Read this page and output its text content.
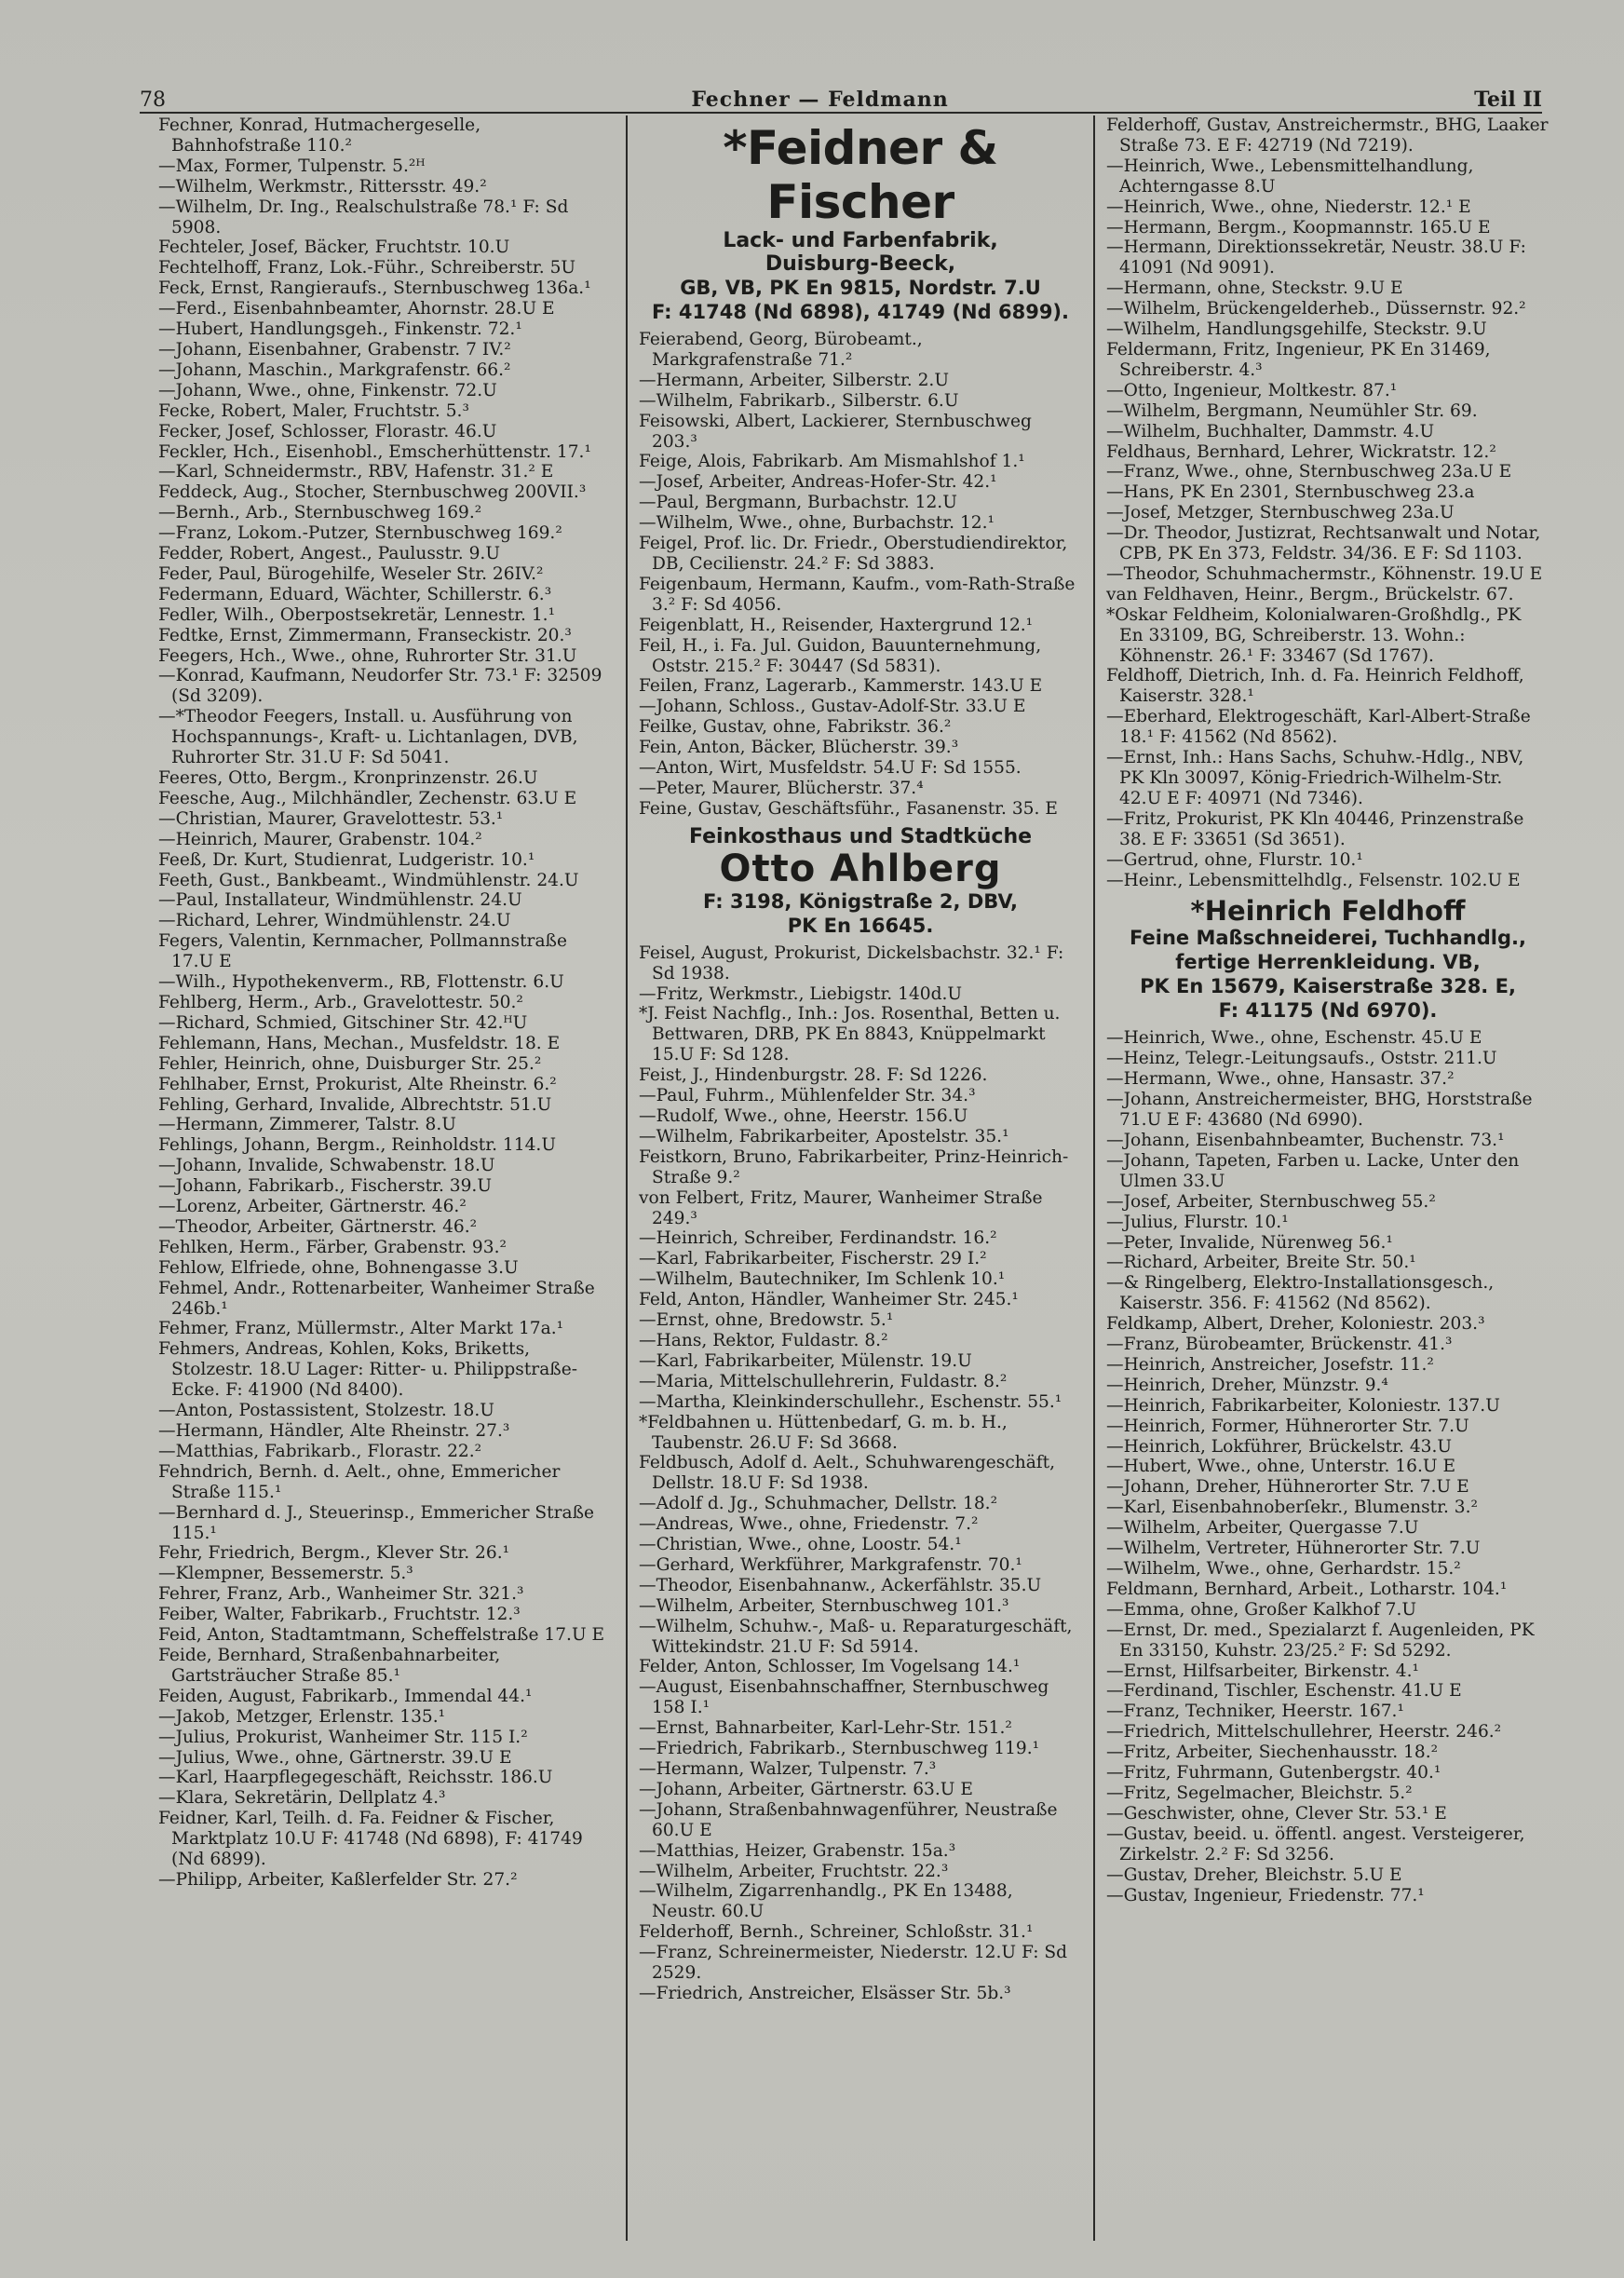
78	Fechner — Feldmann	Teil II

Fechner, Konrad, Hutmachergeselle, Bahnhofstraße 110.²

—Max, Former, Tulpenstr. 5.²ᴴ

—Wilhelm, Werkmstr., Rittersstr. 49.²

—Wilhelm, Dr. Ing., Realschulstraße 78.¹ F: Sd 5908.

Fechteler, Josef, Bäcker, Fruchtstr. 10.U

Fechtelhoff, Franz, Lok.-Führ., Schreiberstr. 5U

Feck, Ernst, Rangieraufs., Sternbuschweg 136a.¹

—Ferd., Eisenbahnbeamter, Ahornstr. 28.U E

—Hubert, Handlungsgeh., Finkenstr. 72.¹

—Johann, Eisenbahner, Grabenstr. 7 IV.²

—Johann, Maschin., Markgrafenstr. 66.²

—Johann, Wwe., ohne, Finkenstr. 72.U

Fecke, Robert, Maler, Fruchtstr. 5.³

Fecker, Josef, Schlosser, Florastr. 46.U

Feckler, Hch., Eisenhobl., Emscherhüttenstr. 17.¹

—Karl, Schneidermstr., RBV, Hafenstr. 31.² E

Feddeck, Aug., Stocher, Sternbuschweg 200VII.³

—Bernh., Arb., Sternbuschweg 169.²

—Franz, Lokom.-Putzer, Sternbuschweg 169.²

Fedder, Robert, Angest., Paulusstr. 9.U

Feder, Paul, Bürogehilfe, Weseler Str. 26IV.²

Federmann, Eduard, Wächter, Schillerstr. 6.³

Fedler, Wilh., Oberpostsekretär, Lennestr. 1.¹

Fedtke, Ernst, Zimmermann, Franseckistr. 20.³

Feegers, Hch., Wwe., ohne, Ruhrorter Str. 31.U

—Konrad, Kaufmann, Neudorfer Str. 73.¹ F: 32509 (Sd 3209).

—*Theodor Feegers, Install. u. Ausführung von Hochspannungs-, Kraft- u. Lichtanlagen, DVB, Ruhrorter Str. 31.U F: Sd 5041.

Feeres, Otto, Bergm., Kronprinzenstr. 26.U

Feesche, Aug., Milchhändler, Zechenstr. 63.U E

—Christian, Maurer, Gravelottestr. 53.¹

—Heinrich, Maurer, Grabenstr. 104.²

Feeß, Dr. Kurt, Studienrat, Ludgeristr. 10.¹

Feeth, Gust., Bankbeamt., Windmühlenstr. 24.U

—Paul, Installateur, Windmühlenstr. 24.U

—Richard, Lehrer, Windmühlenstr. 24.U

Fegers, Valentin, Kernmacher, Pollmannstraße 17.U E

—Wilh., Hypothekenverm., RB, Flottenstr. 6.U

Fehlberg, Herm., Arb., Gravelottestr. 50.²

—Richard, Schmied, Gitschiner Str. 42.ᴴU

Fehlemann, Hans, Mechan., Musfeldstr. 18. E

Fehler, Heinrich, ohne, Duisburger Str. 25.²

Fehlhaber, Ernst, Prokurist, Alte Rheinstr. 6.²

Fehling, Gerhard, Invalide, Albrechtstr. 51.U

—Hermann, Zimmerer, Talstr. 8.U

Fehlings, Johann, Bergm., Reinholdstr. 114.U

—Johann, Invalide, Schwabenstr. 18.U

—Johann, Fabrikarb., Fischerstr. 39.U

—Lorenz, Arbeiter, Gärtnerstr. 46.²

—Theodor, Arbeiter, Gärtnerstr. 46.²

Fehlken, Herm., Färber, Grabenstr. 93.²

Fehlow, Elfriede, ohne, Bohnengasse 3.U

Fehmel, Andr., Rottenarbeiter, Wanheimer Straße 246b.¹

Fehmer, Franz, Müllermstr., Alter Markt 17a.¹

Fehmers, Andreas, Kohlen, Koks, Briketts, Stolzestr. 18.U Lager: Ritter- u. Philippstraße-Ecke. F: 41900 (Nd 8400).

—Anton, Postassistent, Stolzestr. 18.U

—Hermann, Händler, Alte Rheinstr. 27.³

—Matthias, Fabrikarb., Florastr. 22.²

Fehndrich, Bernh. d. Aelt., ohne, Emmericher Straße 115.¹

—Bernhard d. J., Steuerinsp., Emmericher Straße 115.¹

Fehr, Friedrich, Bergm., Klever Str. 26.¹

—Klempner, Bessemerstr. 5.³

Fehrer, Franz, Arb., Wanheimer Str. 321.³

Feiber, Walter, Fabrikarb., Fruchtstr. 12.³

Feid, Anton, Stadtamtmann, Scheffelstraße 17.U E

Feide, Bernhard, Straßenbahnarbeiter, Gartsträucher Straße 85.¹

Feiden, August, Fabrikarb., Immendal 44.¹

—Jakob, Metzger, Erlenstr. 135.¹

—Julius, Prokurist, Wanheimer Str. 115 I.²

—Julius, Wwe., ohne, Gärtnerstr. 39.U E

—Karl, Haarpflegegeschäft, Reichsstr. 186.U

—Klara, Sekretärin, Dellplatz 4.³

Feidner, Karl, Teilh. d. Fa. Feidner & Fischer, Marktplatz 10.U F: 41748 (Nd 6898), F: 41749 (Nd 6899).

—Philipp, Arbeiter, Kaßlerfelder Str. 27.²

*Feidner & Fischer
Lack- und Farbenfabrik,
Duisburg-Beeck,
GB, VB, PK En 9815, Nordstr. 7.U
F: 41748 (Nd 6898), 41749 (Nd 6899).

Feierabend, Georg, Bürobeamt., Markgrafenstraße 71.²

—Hermann, Arbeiter, Silberstr. 2.U

—Wilhelm, Fabrikarb., Silberstr. 6.U

Feisowski, Albert, Lackierer, Sternbuschweg 203.³

Feige, Alois, Fabrikarb. Am Mismahlshof 1.¹

—Josef, Arbeiter, Andreas-Hofer-Str. 42.¹

—Paul, Bergmann, Burbachstr. 12.U

—Wilhelm, Wwe., ohne, Burbachstr. 12.¹

Feigel, Prof. lic. Dr. Friedr., Oberstudiendirektor, DB, Cecilienstr. 24.² F: Sd 3883.

Feigenbaum, Hermann, Kaufm., vom-Rath-Straße 3.² F: Sd 4056.

Feigenblatt, H., Reisender, Haxtergrund 12.¹

Feil, H., i. Fa. Jul. Guidon, Bauunternehmung, Oststr. 215.² F: 30447 (Sd 5831).

Feilen, Franz, Lagerarb., Kammerstr. 143.U E

—Johann, Schloss., Gustav-Adolf-Str. 33.U E

Feilke, Gustav, ohne, Fabrikstr. 36.²

Fein, Anton, Bäcker, Blücherstr. 39.³

—Anton, Wirt, Musfeldstr. 54.U F: Sd 1555.

—Peter, Maurer, Blücherstr. 37.⁴

Feine, Gustav, Geschäftsführ., Fasanenstr. 35. E

Feinkosthaus und Stadtküche
Otto Ahlberg
F: 3198, Königstraße 2, DBV,
PK En 16645.

Feisel, August, Prokurist, Dickelsbachstr. 32.¹ F: Sd 1938.

—Fritz, Werkmstr., Liebigstr. 140d.U

*J. Feist Nachflg., Inh.: Jos. Rosenthal, Betten u. Bettwaren, DRB, PK En 8843, Knüppelmarkt 15.U F: Sd 128.

Feist, J., Hindenburgstr. 28. F: Sd 1226.

—Paul, Fuhrm., Mühlenfelder Str. 34.³

—Rudolf, Wwe., ohne, Heerstr. 156.U

—Wilhelm, Fabrikarbeiter, Apostelstr. 35.¹

Feistkorn, Bruno, Fabrikarbeiter, Prinz-Heinrich-Straße 9.²

von Felbert, Fritz, Maurer, Wanheimer Straße 249.³

—Heinrich, Schreiber, Ferdinandstr. 16.²

—Karl, Fabrikarbeiter, Fischerstr. 29 I.²

—Wilhelm, Bautechniker, Im Schlenk 10.¹

Feld, Anton, Händler, Wanheimer Str. 245.¹

—Ernst, ohne, Bredowstr. 5.¹

—Hans, Rektor, Fuldastr. 8.²

—Karl, Fabrikarbeiter, Mülenstr. 19.U

—Maria, Mittelschullehrerin, Fuldastr. 8.²

—Martha, Kleinkinderschullehr., Eschenstr. 55.¹

*Feldbahnen u. Hüttenbedarf, G. m. b. H., Taubenstr. 26.U F: Sd 3668.

Feldbusch, Adolf d. Aelt., Schuhwarengeschäft, Dellstr. 18.U F: Sd 1938.

—Adolf d. Jg., Schuhmacher, Dellstr. 18.²

—Andreas, Wwe., ohne, Friedenstr. 7.²

—Christian, Wwe., ohne, Loostr. 54.¹

—Gerhard, Werkführer, Markgrafenstr. 70.¹

—Theodor, Eisenbahnanw., Ackerfählstr. 35.U

—Wilhelm, Arbeiter, Sternbuschweg 101.³

—Wilhelm, Schuhw.-, Maß- u. Reparaturgeschäft, Wittekindstr. 21.U F: Sd 5914.

Felder, Anton, Schlosser, Im Vogelsang 14.¹

—August, Eisenbahnschaffner, Sternbuschweg 158 I.¹

—Ernst, Bahnarbeiter, Karl-Lehr-Str. 151.²

—Friedrich, Fabrikarb., Sternbuschweg 119.¹

—Hermann, Walzer, Tulpenstr. 7.³

—Johann, Arbeiter, Gärtnerstr. 63.U E

—Johann, Straßenbahnwagenführer, Neustraße 60.U E

—Matthias, Heizer, Grabenstr. 15a.³

—Wilhelm, Arbeiter, Fruchtstr. 22.³

—Wilhelm, Zigarrenhandlg., PK En 13488, Neustr. 60.U

Felderhoff, Bernh., Schreiner, Schloßstr. 31.¹

—Franz, Schreinermeister, Niederstr. 12.U F: Sd 2529.

—Friedrich, Anstreicher, Elsässer Str. 5b.³

Felderhoff, Gustav, Anstreichermstr., BHG, Laaker Straße 73. E F: 42719 (Nd 7219).

—Heinrich, Wwe., Lebensmittelhandlung, Achterngasse 8.U

—Heinrich, Wwe., ohne, Niederstr. 12.¹ E

—Hermann, Bergm., Koopmannstr. 165.U E

—Hermann, Direktionssekretär, Neustr. 38.U F: 41091 (Nd 9091).

—Hermann, ohne, Steckstr. 9.U E

—Wilhelm, Brückengelderheb., Düssernstr. 92.²

—Wilhelm, Handlungsgehilfe, Steckstr. 9.U

Feldermann, Fritz, Ingenieur, PK En 31469, Schreiberstr. 4.³

—Otto, Ingenieur, Moltkestr. 87.¹

—Wilhelm, Bergmann, Neumühler Str. 69.

—Wilhelm, Buchhalter, Dammstr. 4.U

Feldhaus, Bernhard, Lehrer, Wickratstr. 12.²

—Franz, Wwe., ohne, Sternbuschweg 23a.U E

—Hans, PK En 2301, Sternbuschweg 23.a

—Josef, Metzger, Sternbuschweg 23a.U

—Dr. Theodor, Justizrat, Rechtsanwalt und Notar, CPB, PK En 373, Feldstr. 34/36. E F: Sd 1103.

—Theodor, Schuhmachermstr., Köhnenstr. 19.U E

van Feldhaven, Heinr., Bergm., Brückelstr. 67.

*Oskar Feldheim, Kolonialwaren-Großhdlg., PK En 33109, BG, Schreiberstr. 13. Wohn.: Köhnenstr. 26.¹ F: 33467 (Sd 1767).

Feldhoff, Dietrich, Inh. d. Fa. Heinrich Feldhoff, Kaiserstr. 328.¹

—Eberhard, Elektrogeschäft, Karl-Albert-Straße 18.¹ F: 41562 (Nd 8562).

—Ernst, Inh.: Hans Sachs, Schuhw.-Hdlg., NBV, PK Kln 30097, König-Friedrich-Wilhelm-Str. 42.U E F: 40971 (Nd 7346).

—Fritz, Prokurist, PK Kln 40446, Prinzenstraße 38. E F: 33651 (Sd 3651).

—Gertrud, ohne, Flurstr. 10.¹

—Heinr., Lebensmittelhdlg., Felsenstr. 102.U E

*Heinrich Feldhoff
Feine Maßschneiderei, Tuchhandlg.,
fertige Herrenkleidung. VB,
PK En 15679, Kaiserstraße 328. E,
F: 41175 (Nd 6970).

—Heinrich, Wwe., ohne, Eschenstr. 45.U E

—Heinz, Telegr.-Leitungsaufs., Oststr. 211.U

—Hermann, Wwe., ohne, Hansastr. 37.²

—Johann, Anstreichermeister, BHG, Horststraße 71.U E F: 43680 (Nd 6990).

—Johann, Eisenbahnbeamter, Buchenstr. 73.¹

—Johann, Tapeten, Farben u. Lacke, Unter den Ulmen 33.U

—Josef, Arbeiter, Sternbuschweg 55.²

—Julius, Flurstr. 10.¹

—Peter, Invalide, Nürenweg 56.¹

—Richard, Arbeiter, Breite Str. 50.¹

—& Ringelberg, Elektro-Installationsgesch., Kaiserstr. 356. F: 41562 (Nd 8562).

Feldkamp, Albert, Dreher, Koloniestr. 203.³

—Franz, Bürobeamter, Brückenstr. 41.³

—Heinrich, Anstreicher, Josefstr. 11.²

—Heinrich, Dreher, Münzstr. 9.⁴

—Heinrich, Fabrikarbeiter, Koloniestr. 137.U

—Heinrich, Former, Hühnerorter Str. 7.U

—Heinrich, Lokführer, Brückelstr. 43.U

—Hubert, Wwe., ohne, Unterstr. 16.U E

—Johann, Dreher, Hühnerorter Str. 7.U E

—Karl, Eisenbahnoberſekr., Blumenstr. 3.²

—Wilhelm, Arbeiter, Quergasse 7.U

—Wilhelm, Vertreter, Hühnerorter Str. 7.U

—Wilhelm, Wwe., ohne, Gerhardstr. 15.²

Feldmann, Bernhard, Arbeit., Lotharstr. 104.¹

—Emma, ohne, Großer Kalkhof 7.U

—Ernst, Dr. med., Spezialarzt f. Augenleiden, PK En 33150, Kuhstr. 23/25.² F: Sd 5292.

—Ernst, Hilfsarbeiter, Birkenstr. 4.¹

—Ferdinand, Tischler, Eschenstr. 41.U E

—Franz, Techniker, Heerstr. 167.¹

—Friedrich, Mittelschullehrer, Heerstr. 246.²

—Fritz, Arbeiter, Siechenhausstr. 18.²

—Fritz, Fuhrmann, Gutenbergstr. 40.¹

—Fritz, Segelmacher, Bleichstr. 5.²

—Geschwister, ohne, Clever Str. 53.¹ E

—Gustav, beeid. u. öffentl. angest. Versteigerer, Zirkelstr. 2.² F: Sd 3256.

—Gustav, Dreher, Bleichstr. 5.U E

—Gustav, Ingenieur, Friedenstr. 77.¹
